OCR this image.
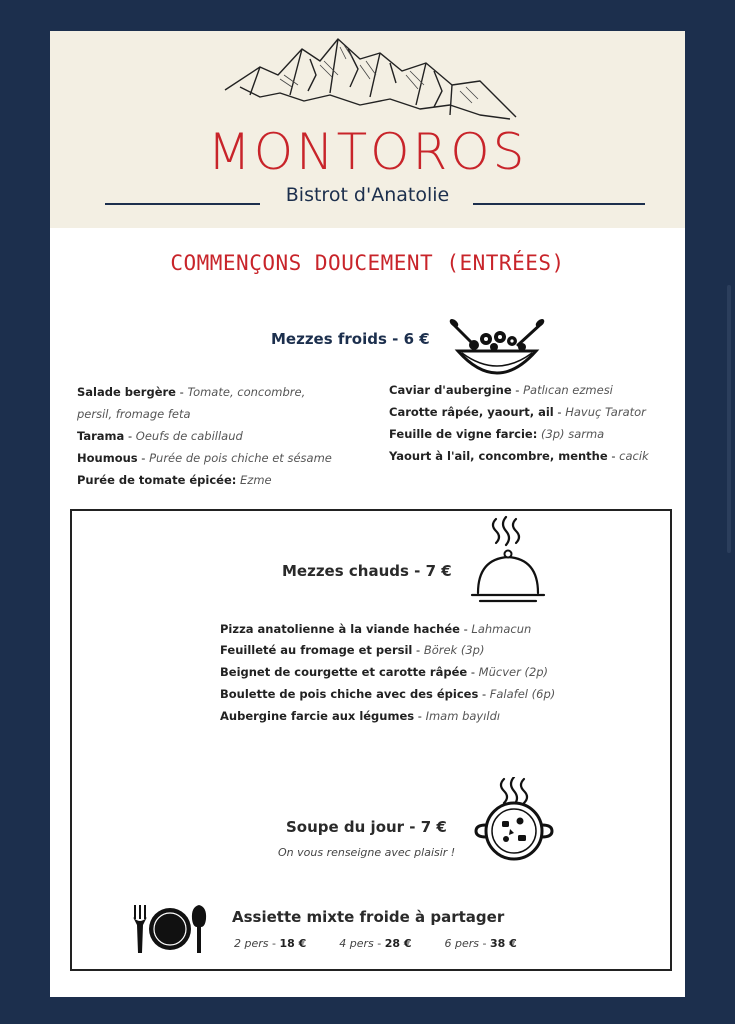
MONTOROS
Bistrot d'Anatolie
COMMENÇONS DOUCEMENT (ENTRÉES)
Mezzes froids - 6 €
Salade bergère - Tomate, concombre,
persil, fromage feta
Tarama - Oeufs de cabillaud
Houmous - Purée de pois chiche et sésame
Purée de tomate épicée: Ezme
Caviar d'aubergine - Patlıcan ezmesi
Carotte râpée, yaourt, ail - Havuç Tarator
Feuille de vigne farcie: (3p) sarma
Yaourt à l'ail, concombre, menthe - cacik
Mezzes chauds - 7 €
Pizza anatolienne à la viande hachée - Lahmacun
Feuilleté au fromage et persil - Börek (3p)
Beignet de courgette et carotte râpée - Mücver (2p)
Boulette de pois chiche avec des épices - Falafel (6p)
Aubergine farcie aux légumes - Imam bayıldı
Soupe du jour - 7 €
On vous renseigne avec plaisir !
Assiette mixte froide à partager
2 pers - 18 €	4 pers - 28 €	6 pers - 38 €
